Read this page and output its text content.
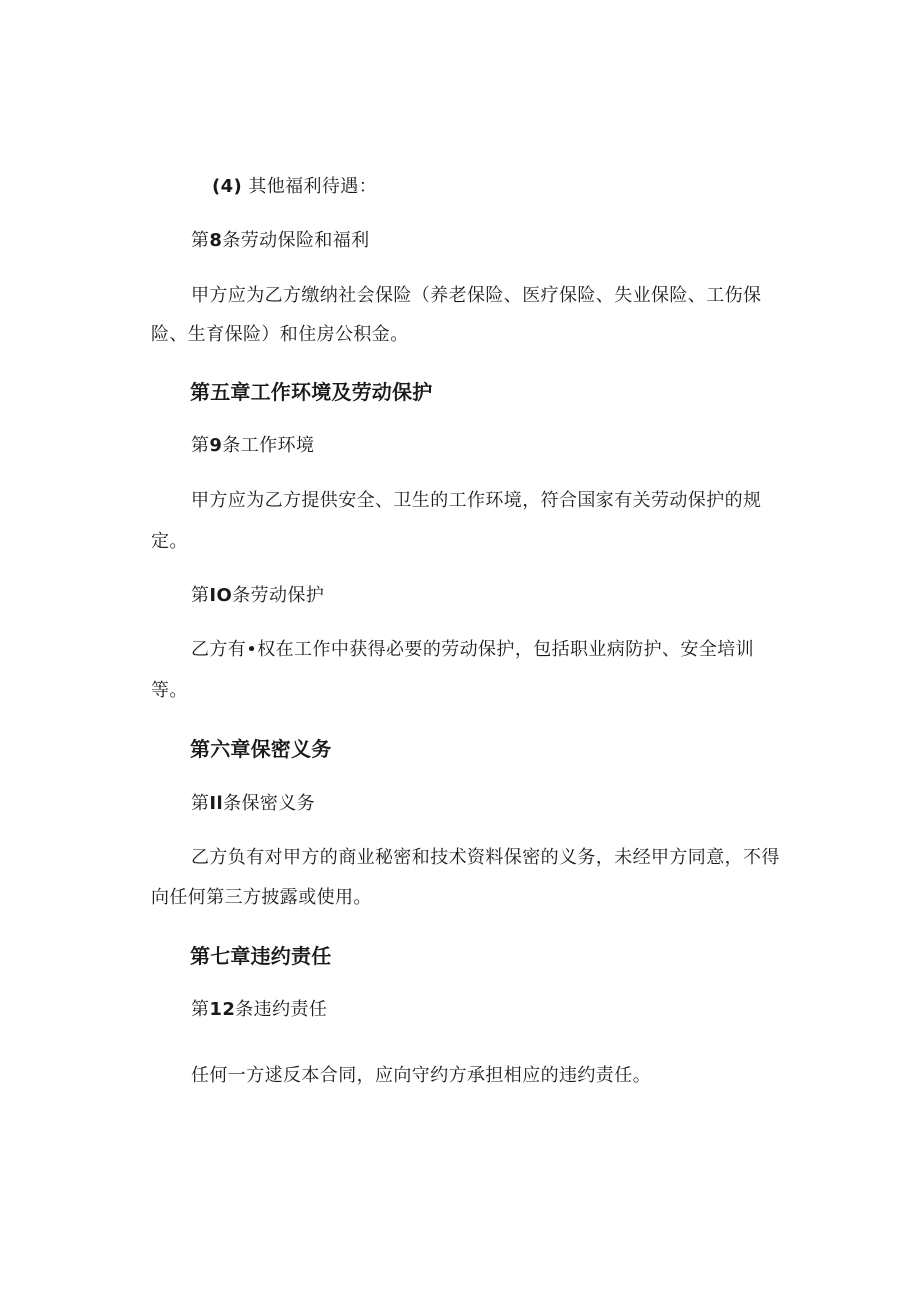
(4) 其他福利待遇：
第8条劳动保险和福利
甲方应为乙方缴纳社会保险（养老保险、医疗保险、失业保险、工伤保
险、生育保险）和住房公积金。
第五章工作环境及劳动保护
第9条工作环境
甲方应为乙方提供安全、卫生的工作环境，符合国家有关劳动保护的规
定。
第IO条劳动保护
乙方有•权在工作中获得必要的劳动保护，包括职业病防护、安全培训
等。
第六章保密义务
第Il条保密义务
乙方负有对甲方的商业秘密和技术资料保密的义务，未经甲方同意，不得
向任何第三方披露或使用。
第七章违约责任
第12条违约责任
任何一方逑反本合同，应向守约方承担相应的违约责任。
